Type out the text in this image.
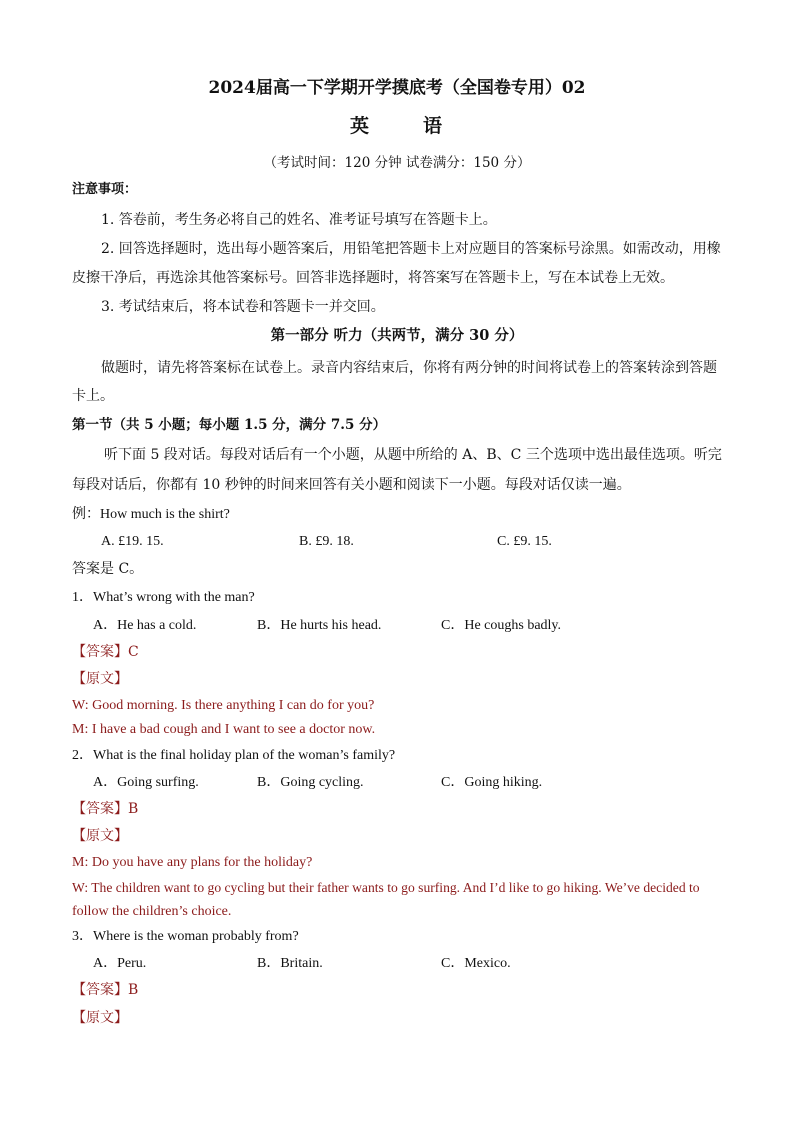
2024届高一下学期开学摸底考（全国卷专用）02
英	语
（考试时间：120 分钟 试卷满分：150 分）
注意事项：
1. 答卷前，考生务必将自己的姓名、准考证号填写在答题卡上。
2. 回答选择题时，选出每小题答案后，用铅笔把答题卡上对应题目的答案标号涂黑。如需改动，用橡
皮擦干净后，再选涂其他答案标号。回答非选择题时，将答案写在答题卡上，写在本试卷上无效。
3. 考试结束后，将本试卷和答题卡一并交回。
第一部分 听力（共两节，满分 30 分）
做题时，请先将答案标在试卷上。录音内容结束后，你将有两分钟的时间将试卷上的答案转涂到答题
卡上。
第一节（共 5 小题；每小题 1.5 分，满分 7.5 分）
听下面 5 段对话。每段对话后有一个小题，从题中所给的 A、B、C 三个选项中选出最佳选项。听完
每段对话后，你都有 10 秒钟的时间来回答有关小题和阅读下一小题。每段对话仅读一遍。
例：How much is the shirt?
A. £19. 15.	B. £9. 18.	C. £9. 15.
答案是 C。
1．What’s wrong with the man?
A．He has a cold.	B．He hurts his head.	C．He coughs badly.
【答案】C
【原文】
W: Good morning. Is there anything I can do for you?
M: I have a bad cough and I want to see a doctor now.
2．What is the final holiday plan of the woman’s family?
A．Going surfing.	B．Going cycling.	C．Going hiking.
【答案】B
【原文】
M: Do you have any plans for the holiday?
W: The children want to go cycling but their father wants to go surfing. And I’d like to go hiking. We’ve decided to
follow the children’s choice.
3．Where is the woman probably from?
A．Peru.	B．Britain.	C．Mexico.
【答案】B
【原文】
